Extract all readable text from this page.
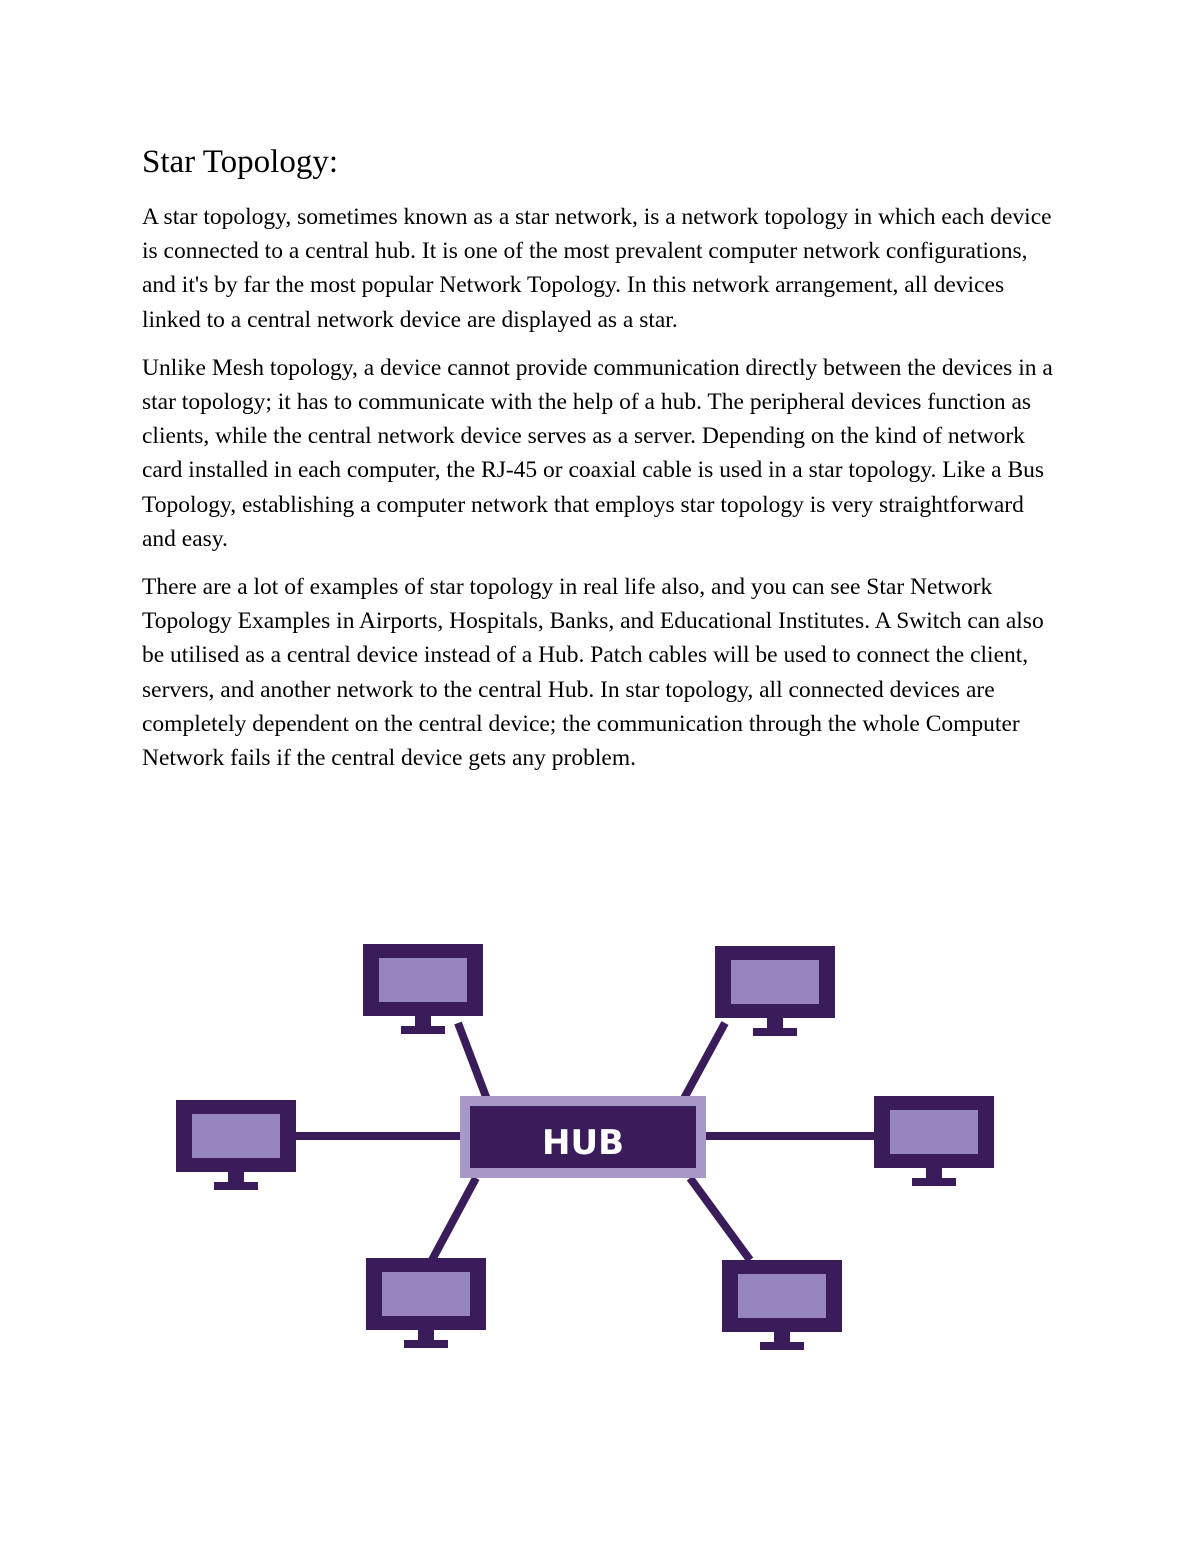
Star Topology:

A star topology, sometimes known as a star network, is a network topology in which each device is connected to a central hub. It is one of the most prevalent computer network configurations, and it's by far the most popular Network Topology. In this network arrangement, all devices linked to a central network device are displayed as a star.

Unlike Mesh topology, a device cannot provide communication directly between the devices in a star topology; it has to communicate with the help of a hub. The peripheral devices function as clients, while the central network device serves as a server. Depending on the kind of network card installed in each computer, the RJ-45 or coaxial cable is used in a star topology. Like a Bus Topology, establishing a computer network that employs star topology is very straightforward and easy.

There are a lot of examples of star topology in real life also, and you can see Star Network Topology Examples in Airports, Hospitals, Banks, and Educational Institutes. A Switch can also be utilised as a central device instead of a Hub. Patch cables will be used to connect the client, servers, and another network to the central Hub. In star topology, all connected devices are completely dependent on the central device; the communication through the whole Computer Network fails if the central device gets any problem.

HUB
